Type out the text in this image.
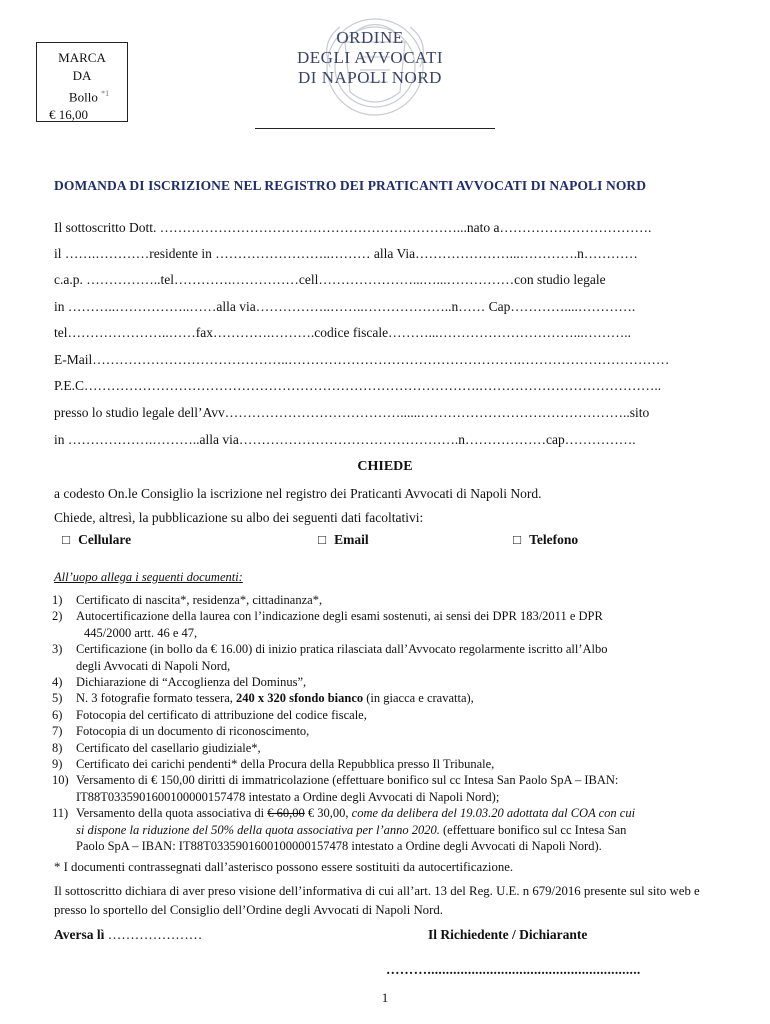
MARCA
DA
Bollo $^{*1}$
€ 16,00
ORDINE
DEGLI AVVOCATI
DI NAPOLI NORD
DOMANDA DI ISCRIZIONE NEL REGISTRO DEI PRATICANTI AVVOCATI DI NAPOLI NORD
Il sottoscritto Dott. …………………………………………………………...nato a…………………………….
il …….…………residente in ……………………..……… alla Via…………………...………….n…………
c.a.p. ……………..tel………….……………cell…………………...…...……………con studio legale
in ………..……………..……alla via……………..……..………………..n…… Cap…………....………….
tel…………………..……fax………….……….codice fiscale………...…………………………...………..
E-Mail……………………………………..…………………………………………….……………………………
P.E.C…………………………………………………………………………….…………………………………..
presso lo studio legale dell’Avv…………………………………......………………………………………..sito
in ……………….………..alla via………………………………………….n………………cap…………….
CHIEDE
a codesto On.le Consiglio la iscrizione nel registro dei Praticanti Avvocati di Napoli Nord.
Chiede, altresì, la pubblicazione su albo dei seguenti dati facoltativi:
□ Cellulare	□ Email	□ Telefono
All’uopo allega i seguenti documenti:
1) Certificato di nascita*, residenza*, cittadinanza*,
2) Autocertificazione della laurea con l’indicazione degli esami sostenuti, ai sensi dei DPR 183/2011 e DPR
445/2000 artt. 46 e 47,
3) Certificazione (in bollo da € 16.00) di inizio pratica rilasciata dall’Avvocato regolarmente iscritto all’Albo
degli Avvocati di Napoli Nord,
4) Dichiarazione di “Accoglienza del Dominus”,
5) N. 3 fotografie formato tessera, 240 x 320 sfondo bianco (in giacca e cravatta),
6) Fotocopia del certificato di attribuzione del codice fiscale,
7) Fotocopia di un documento di riconoscimento,
8) Certificato del casellario giudiziale*,
9) Certificato dei carichi pendenti* della Procura della Repubblica presso Il Tribunale,
10) Versamento di € 150,00 diritti di immatricolazione (effettuare bonifico sul cc Intesa San Paolo SpA – IBAN:
IT88T0335901600100000157478 intestato a Ordine degli Avvocati di Napoli Nord);
11) Versamento della quota associativa di € 60,00 € 30,00, come da delibera del 19.03.20 adottata dal COA con cui
si dispone la riduzione del 50% della quota associativa per l’anno 2020. (effettuare bonifico sul cc Intesa San
Paolo SpA – IBAN: IT88T0335901600100000157478 intestato a Ordine degli Avvocati di Napoli Nord).
* I documenti contrassegnati dall’asterisco possono essere sostituiti da autocertificazione.
Il sottoscritto dichiara di aver preso visione dell’informativa di cui all’art. 13 del Reg. U.E. n 679/2016 presente sul sito web e presso lo sportello del Consiglio dell’Ordine degli Avvocati di Napoli Nord.
Aversa lì …………………	Il Richiedente / Dichiarante
………..........................................................
1
